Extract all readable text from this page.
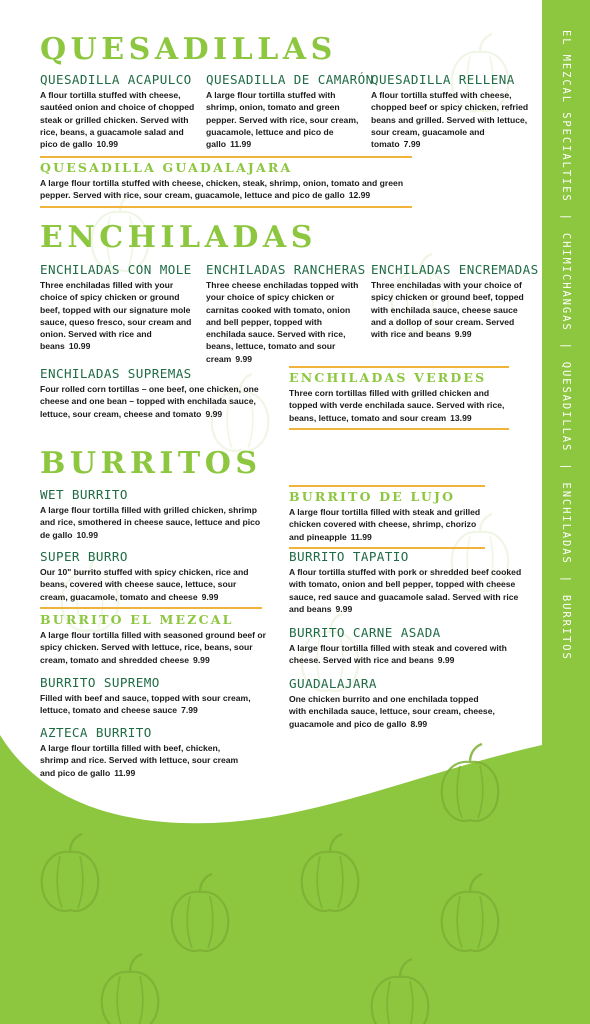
EL MEZCAL SPECIALTIES|CHIMICHANGAS|QUESADILLAS|ENCHILADAS|BURRITOS
QUESADILLAS
QUESADILLA ACAPULCO
A flour tortilla stuffed with cheese, sautéed onion and choice of chopped steak or grilled chicken. Served with rice, beans, a guacamole salad and pico de gallo 10.99
QUESADILLA DE CAMARÓN
A large flour tortilla stuffed with shrimp, onion, tomato and green pepper. Served with rice, sour cream, guacamole, lettuce and pico de gallo 11.99
QUESADILLA RELLENA
A flour tortilla stuffed with cheese, chopped beef or spicy chicken, refried beans and grilled. Served with lettuce, sour cream, guacamole and tomato 7.99
QUESADILLA GUADALAJARA
A large flour tortilla stuffed with cheese, chicken, steak, shrimp, onion, tomato and green pepper. Served with rice, sour cream, guacamole, lettuce and pico de gallo 12.99
ENCHILADAS
ENCHILADAS CON MOLE
Three enchiladas filled with your choice of spicy chicken or ground beef, topped with our signature mole sauce, queso fresco, sour cream and onion. Served with rice and beans 10.99
ENCHILADAS RANCHERAS
Three cheese enchiladas topped with your choice of spicy chicken or carnitas cooked with tomato, onion and bell pepper, topped with enchilada sauce. Served with rice, beans, lettuce, tomato and sour cream 9.99
ENCHILADAS ENCREMADAS
Three enchiladas with your choice of spicy chicken or ground beef, topped with enchilada sauce, cheese sauce and a dollop of sour cream. Served with rice and beans 9.99
ENCHILADAS SUPREMAS
Four rolled corn tortillas – one beef, one chicken, one cheese and one bean – topped with enchilada sauce, lettuce, sour cream, cheese and tomato 9.99
ENCHILADAS VERDES
Three corn tortillas filled with grilled chicken and topped with verde enchilada sauce. Served with rice, beans, lettuce, tomato and sour cream 13.99
BURRITOS
WET BURRITO
A large flour tortilla filled with grilled chicken, shrimp and rice, smothered in cheese sauce, lettuce and pico de gallo 10.99
SUPER BURRO
Our 10" burrito stuffed with spicy chicken, rice and beans, covered with cheese sauce, lettuce, sour cream, guacamole, tomato and cheese 9.99
BURRITO EL MEZCAL
A large flour tortilla filled with seasoned ground beef or spicy chicken. Served with lettuce, rice, beans, sour cream, tomato and shredded cheese 9.99
BURRITO SUPREMO
Filled with beef and sauce, topped with sour cream, lettuce, tomato and cheese sauce 7.99
AZTECA BURRITO
A large flour tortilla filled with beef, chicken, shrimp and rice. Served with lettuce, sour cream and pico de gallo 11.99
BURRITO DE LUJO
A large flour tortilla filled with steak and grilled chicken covered with cheese, shrimp, chorizo and pineapple 11.99
BURRITO TAPATIO
A flour tortilla stuffed with pork or shredded beef cooked with tomato, onion and bell pepper, topped with cheese sauce, red sauce and guacamole salad. Served with rice and beans 9.99
BURRITO CARNE ASADA
A large flour tortilla filled with steak and covered with cheese. Served with rice and beans 9.99
GUADALAJARA
One chicken burrito and one enchilada topped with enchilada sauce, lettuce, sour cream, cheese, guacamole and pico de gallo 8.99
